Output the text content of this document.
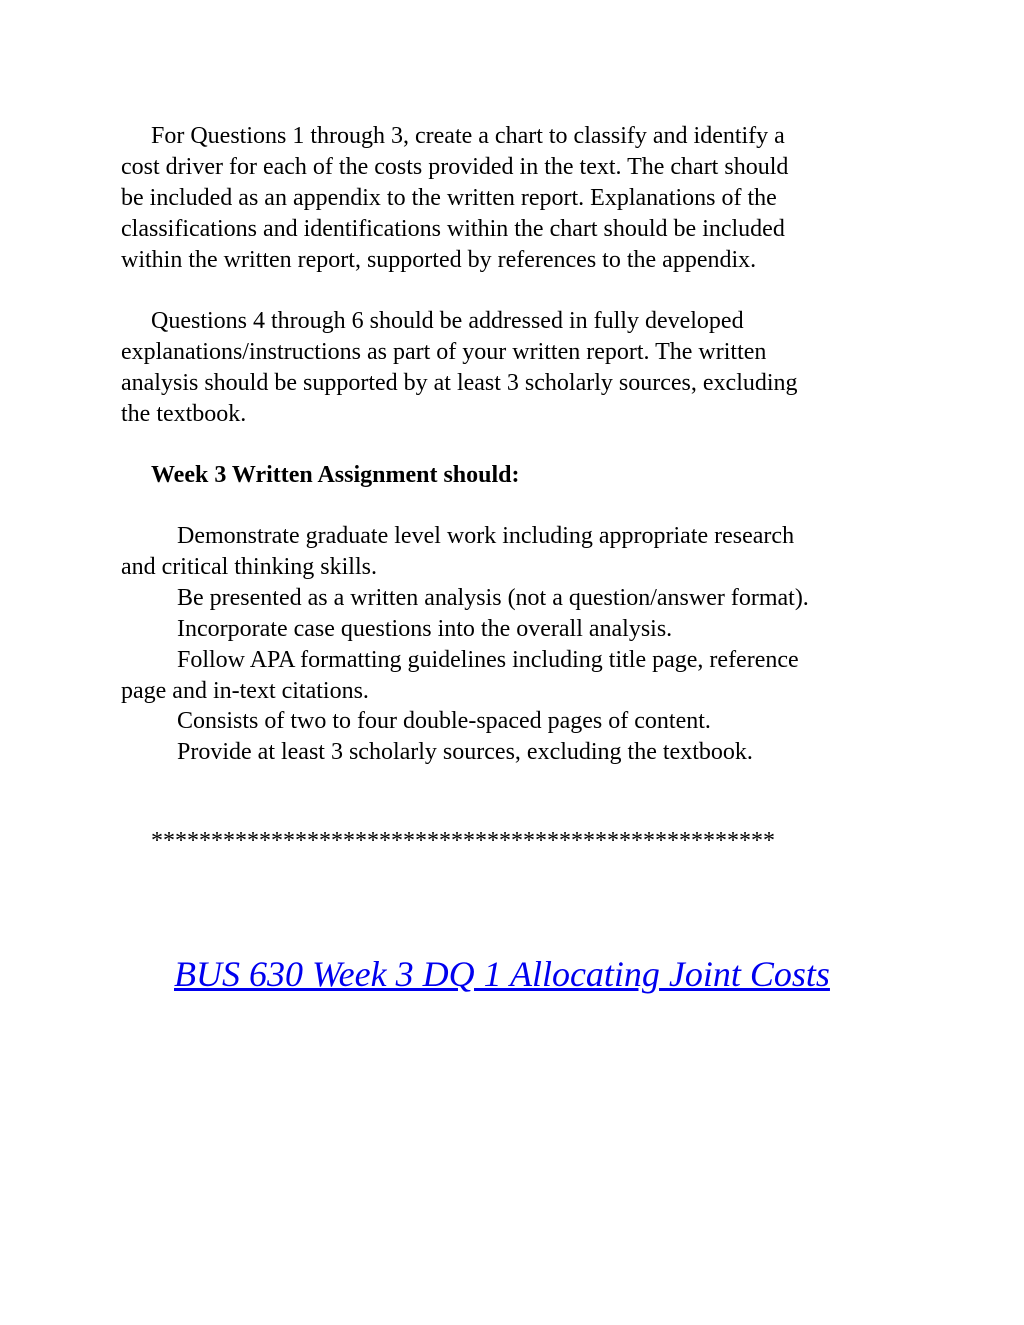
For Questions 1 through 3, create a chart to classify and identify a
cost driver for each of the costs provided in the text. The chart should
be included as an appendix to the written report. Explanations of the
classifications and identifications within the chart should be included
within the written report, supported by references to the appendix.
Questions 4 through 6 should be addressed in fully developed
explanations/instructions as part of your written report. The written
analysis should be supported by at least 3 scholarly sources, excluding
the textbook.
Week 3 Written Assignment should:
Demonstrate graduate level work including appropriate research
and critical thinking skills.
Be presented as a written analysis (not a question/answer format).
Incorporate case questions into the overall analysis.
Follow APA formatting guidelines including title page, reference
page and in-text citations.
Consists of two to four double-spaced pages of content.
Provide at least 3 scholarly sources, excluding the textbook.
****************************************************
BUS 630 Week 3 DQ 1 Allocating Joint Costs
